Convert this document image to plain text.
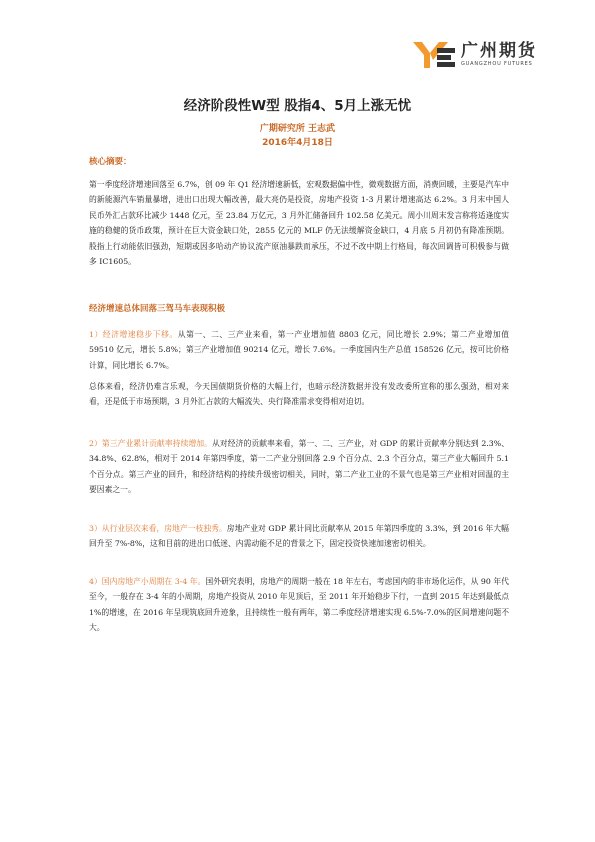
广州期货
GUANGZHOU FUTURES
经济阶段性W型 股指4、5月上涨无忧
广期研究所 王志武
2016年4月18日
核心摘要：

第一季度经济增速回落至 6.7%，创 09 年 Q1 经济增速新低，宏观数据偏中性，微观数据方面，消费回暖，主要是汽车中的新能源汽车销量暴增，进出口出现大幅改善，最大亮仍是投资，房地产投资 1-3 月累计增速高达 6.2%。3 月末中国人民币外汇占款环比减少 1448 亿元，至 23.84 万亿元，3 月外汇储备回升 102.58 亿美元。周小川周末发言称将适逢度实施的稳健的货币政策，预计在巨大资金缺口处，2855 亿元的 MLF 仍无法缓解资金缺口，4 月底 5 月初仍有降准预期。股指上行动能依旧强劲，短期或因多哈动产协议流产原油暴跌而承压，不过不改中期上行格局，每次回调皆可积极参与做多 IC1605。

经济增速总体回落三驾马车表现积极

1）经济增速稳步下移。从第一、二、三产业来看，第一产业增加值 8803 亿元，同比增长 2.9%；第二产业增加值 59510 亿元，增长 5.8%；第三产业增加值 90214 亿元，增长 7.6%。一季度国内生产总值 158526 亿元，按可比价格计算，同比增长 6.7%。

总体来看，经济仍难言乐观，今天国债期货价格的大幅上行，也暗示经济数据并没有发改委所宣称的那么强劲，相对来看，还是低于市场预期，3 月外汇占款的大幅流失、央行降准需求变得相对迫切。

2）第三产业累计贡献率持续增加。从对经济的贡献率来看，第一、二、三产业，对 GDP 的累计贡献率分别达到 2.3%、34.8%、62.8%，相对于 2014 年第四季度，第一二产业分别回落 2.9 个百分点、2.3 个百分点，第三产业大幅回升 5.1 个百分点。第三产业的回升，和经济结构的持续升级密切相关，同时，第二产业工业的不景气也是第三产业相对回温的主要因素之一。

3）从行业层次来看，房地产一枝独秀。房地产业对 GDP 累计同比贡献率从 2015 年第四季度的 3.3%，到 2016 年大幅回升至 7%-8%，这和目前的进出口低迷、内需动能不足的背景之下，固定投资快速加速密切相关。

4）国内房地产小周期在 3-4 年。国外研究表明，房地产的周期一般在 18 年左右，考虑国内的非市场化运作，从 90 年代至今，一般存在 3-4 年的小周期，房地产投资从 2010 年见顶后，至 2011 年开始稳步下行，一直到 2015 年达到最低点 1%的增速，在 2016 年呈现筑底回升迹象，且持续性一般有两年，第二季度经济增速实现 6.5%-7.0%的区间增速问题不大。
